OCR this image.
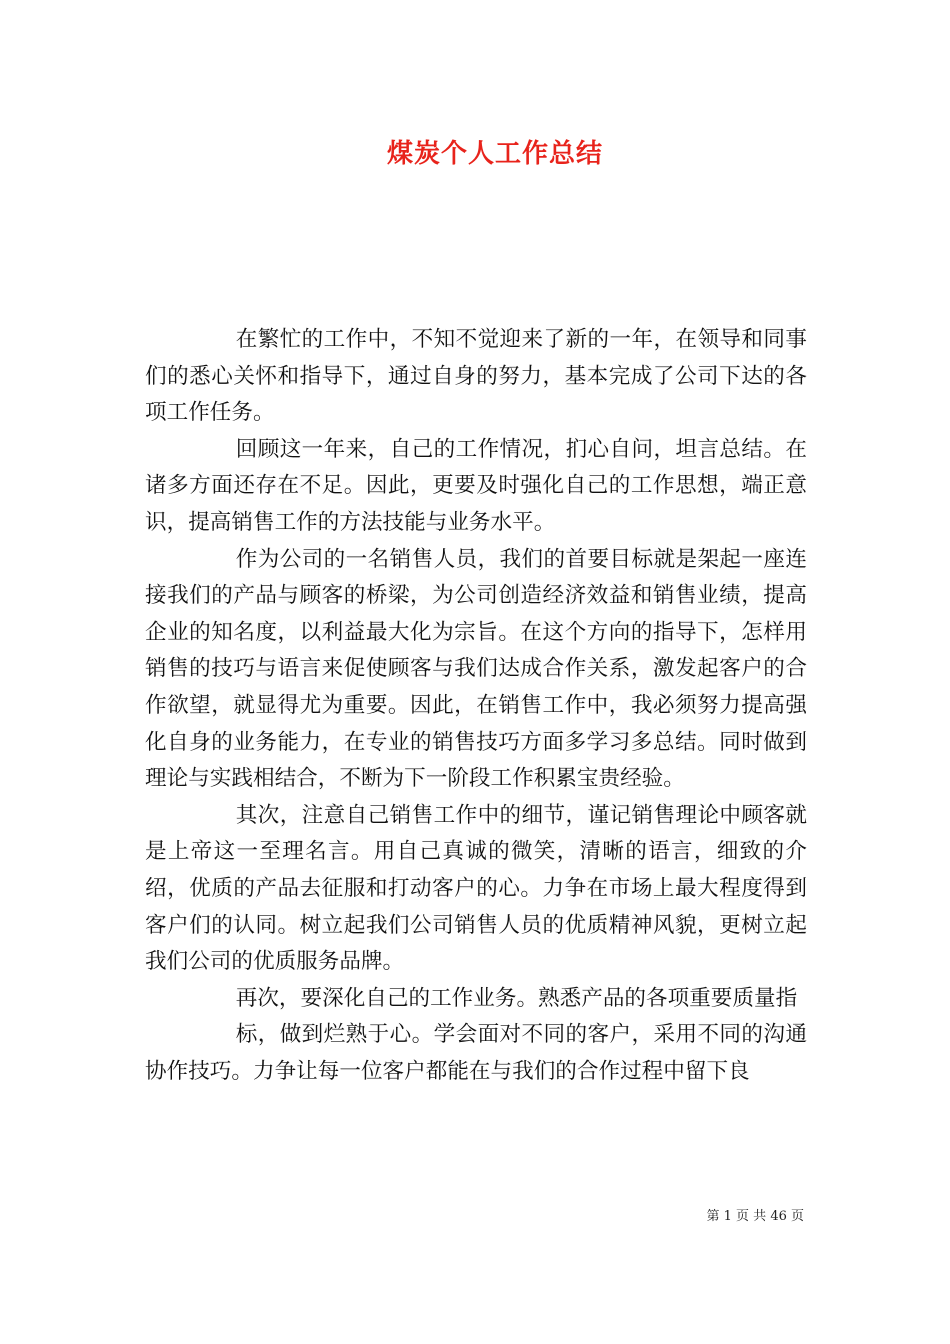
煤炭个人工作总结

在繁忙的工作中，不知不觉迎来了新的一年，在领导和同事们的悉心关怀和指导下，通过自身的努力，基本完成了公司下达的各项工作任务。

回顾这一年来，自己的工作情况，扪心自问，坦言总结。在诸多方面还存在不足。因此，更要及时强化自己的工作思想，端正意识，提高销售工作的方法技能与业务水平。

作为公司的一名销售人员，我们的首要目标就是架起一座连接我们的产品与顾客的桥梁，为公司创造经济效益和销售业绩，提高企业的知名度，以利益最大化为宗旨。在这个方向的指导下，怎样用销售的技巧与语言来促使顾客与我们达成合作关系，激发起客户的合作欲望，就显得尤为重要。因此，在销售工作中，我必须努力提高强化自身的业务能力，在专业的销售技巧方面多学习多总结。同时做到理论与实践相结合，不断为下一阶段工作积累宝贵经验。

其次，注意自己销售工作中的细节，谨记销售理论中顾客就是上帝这一至理名言。用自己真诚的微笑，清晰的语言，细致的介绍，优质的产品去征服和打动客户的心。力争在市场上最大程度得到客户们的认同。树立起我们公司销售人员的优质精神风貌，更树立起我们公司的优质服务品牌。

再次，要深化自己的工作业务。熟悉产品的各项重要质量指

标，做到烂熟于心。学会面对不同的客户，采用不同的沟通协作技巧。力争让每一位客户都能在与我们的合作过程中留下良

第 1 页 共 46 页
